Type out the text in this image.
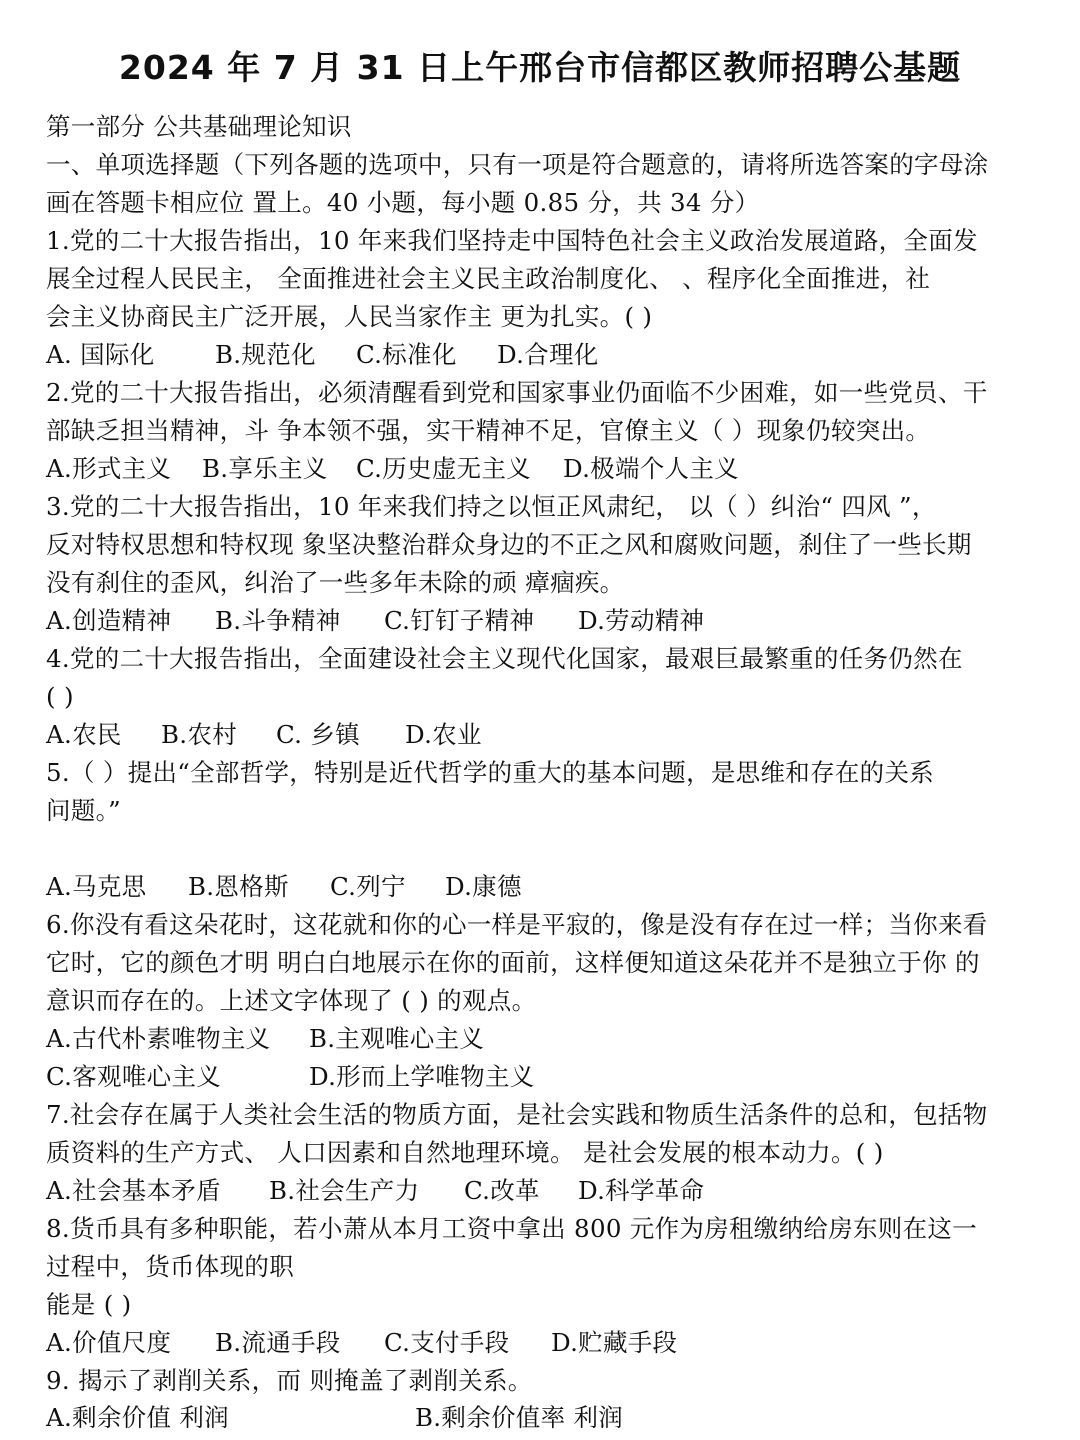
2024 年 7 月 31 日上午邢台市信都区教师招聘公基题
第一部分 公共基础理论知识
一、单项选择题（下列各题的选项中，只有一项是符合题意的，请将所选答案的字母涂
画在答题卡相应位 置上。40 小题，每小题 0.85 分，共 34 分）
1.党的二十大报告指出，10 年来我们坚持走中国特色社会主义政治发展道路，全面发
展全过程人民民主， 全面推进社会主义民主政治制度化、 、程序化全面推进，社
会主义协商民主广泛开展，人民当家作主 更为扎实。( )
A. 国际化 B.规范化 C.标准化 D.合理化
2.党的二十大报告指出，必须清醒看到党和国家事业仍面临不少困难，如一些党员、干
部缺乏担当精神，斗 争本领不强，实干精神不足，官僚主义（ ）现象仍较突出。
A.形式主义 B.享乐主义 C.历史虚无主义 D.极端个人主义
3.党的二十大报告指出，10 年来我们持之以恒正风肃纪， 以（ ）纠治“ 四风 ”，
反对特权思想和特权现 象坚决整治群众身边的不正之风和腐败问题，刹住了一些长期
没有刹住的歪风，纠治了一些多年未除的顽 瘴痼疾。
A.创造精神 B.斗争精神 C.钉钉子精神 D.劳动精神
4.党的二十大报告指出，全面建设社会主义现代化国家，最艰巨最繁重的任务仍然在
( )
A.农民 B.农村 C. 乡镇 D.农业
5.（ ）提出“全部哲学，特别是近代哲学的重大的基本问题，是思维和存在的关系
问题。”
A.马克思 B.恩格斯 C.列宁 D.康德
6.你没有看这朵花时，这花就和你的心一样是平寂的，像是没有存在过一样；当你来看
它时，它的颜色才明 明白白地展示在你的面前，这样便知道这朵花并不是独立于你 的
意识而存在的。上述文字体现了 ( ) 的观点。
A.古代朴素唯物主义 B.主观唯心主义
C.客观唯心主义	D.形而上学唯物主义
7.社会存在属于人类社会生活的物质方面，是社会实践和物质生活条件的总和，包括物
质资料的生产方式、 人口因素和自然地理环境。 是社会发展的根本动力。( )
A.社会基本矛盾 B.社会生产力 C.改革 D.科学革命
8.货币具有多种职能，若小萧从本月工资中拿出 800 元作为房租缴纳给房东则在这一
过程中，货币体现的职
能是 ( )
A.价值尺度 B.流通手段 C.支付手段 D.贮藏手段
9. 揭示了剥削关系，而 则掩盖了剥削关系。
A.剩余价值 利润	B.剩余价值率 利润
